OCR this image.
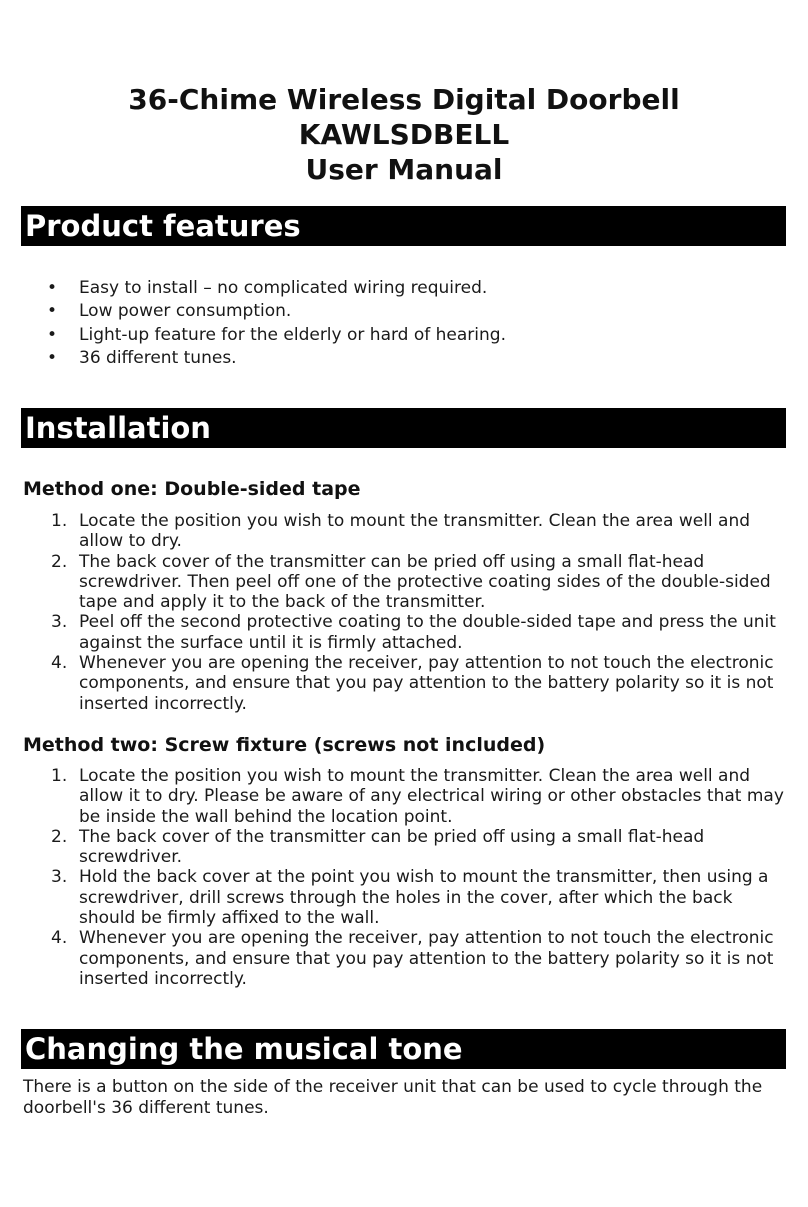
36-Chime Wireless Digital Doorbell
KAWLSDBELL
User Manual
Product features
• Easy to install – no complicated wiring required.
• Low power consumption.
• Light-up feature for the elderly or hard of hearing.
• 36 different tunes.
Installation
Method one: Double-sided tape
1. Locate the position you wish to mount the transmitter. Clean the area well and allow to dry.
2. The back cover of the transmitter can be pried off using a small flat-head screwdriver. Then peel off one of the protective coating sides of the double-sided tape and apply it to the back of the transmitter.
3. Peel off the second protective coating to the double-sided tape and press the unit against the surface until it is firmly attached.
4. Whenever you are opening the receiver, pay attention to not touch the electronic components, and ensure that you pay attention to the battery polarity so it is not inserted incorrectly.
Method two: Screw fixture (screws not included)
1. Locate the position you wish to mount the transmitter. Clean the area well and allow it to dry. Please be aware of any electrical wiring or other obstacles that may be inside the wall behind the location point.
2. The back cover of the transmitter can be pried off using a small flat-head screwdriver.
3. Hold the back cover at the point you wish to mount the transmitter, then using a screwdriver, drill screws through the holes in the cover, after which the back should be firmly affixed to the wall.
4. Whenever you are opening the receiver, pay attention to not touch the electronic components, and ensure that you pay attention to the battery polarity so it is not inserted incorrectly.
Changing the musical tone

There is a button on the side of the receiver unit that can be used to cycle through the doorbell's 36 different tunes.
